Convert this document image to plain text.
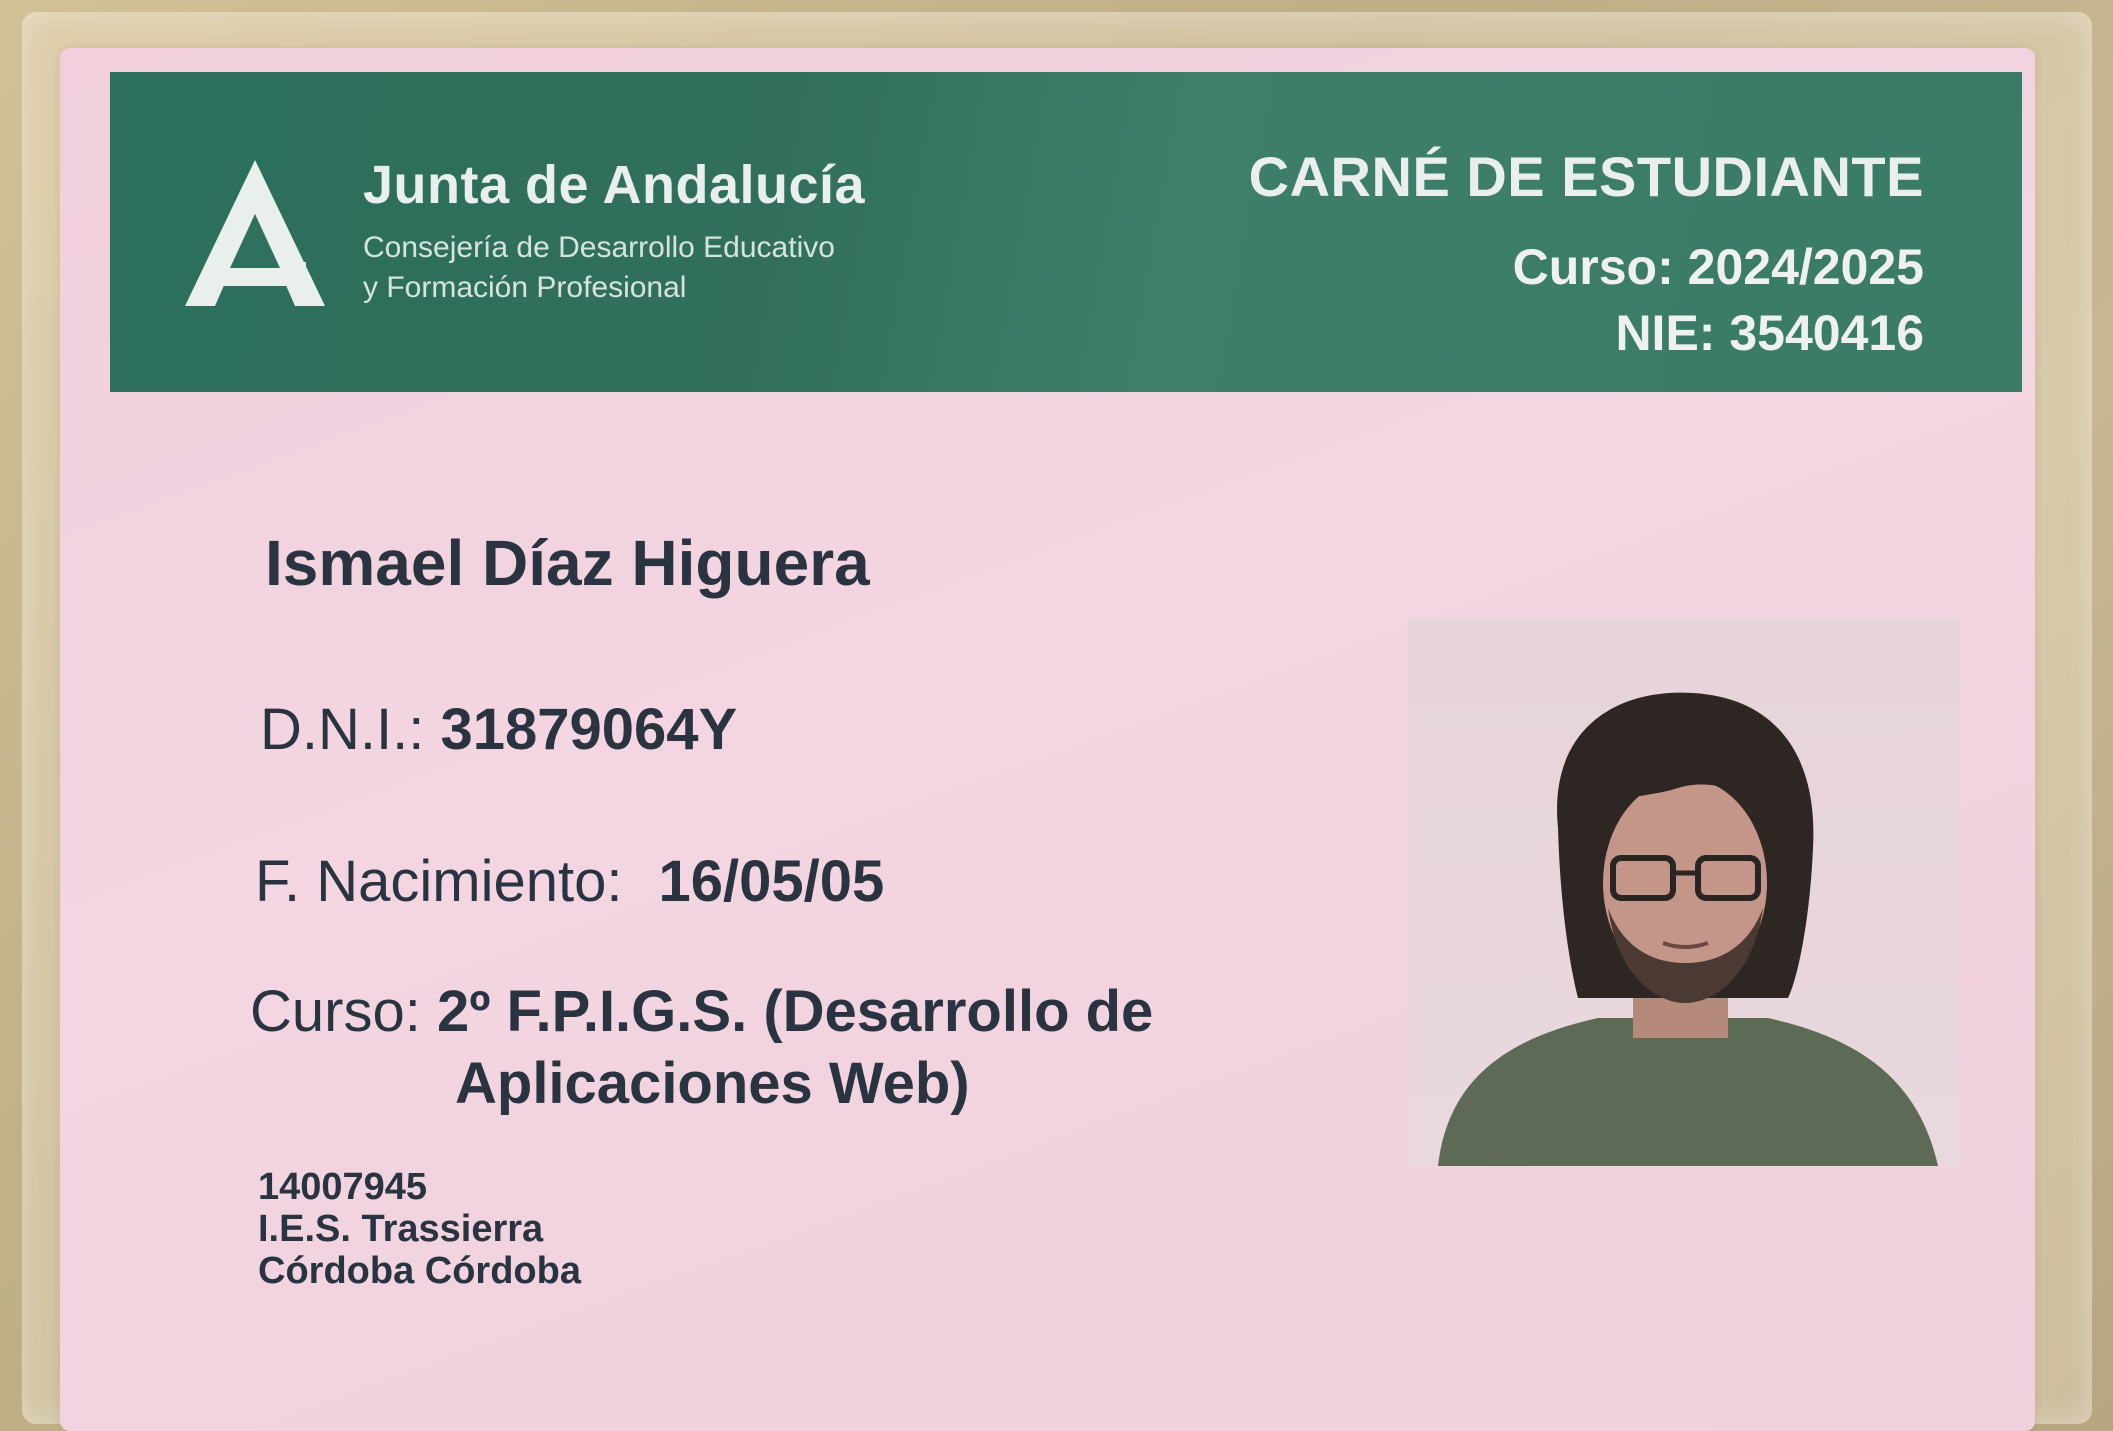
Junta de Andalucía
Consejería de Desarrollo Educativo
y Formación Profesional
CARNÉ DE ESTUDIANTE
Curso: 2024/2025
NIE: 3540416
Ismael Díaz Higuera
D.N.I.: 31879064Y
F. Nacimiento: 16/05/05
Curso: 2º F.P.I.G.S. (Desarrollo de
Aplicaciones Web)
14007945
I.E.S. Trassierra
Córdoba Córdoba
